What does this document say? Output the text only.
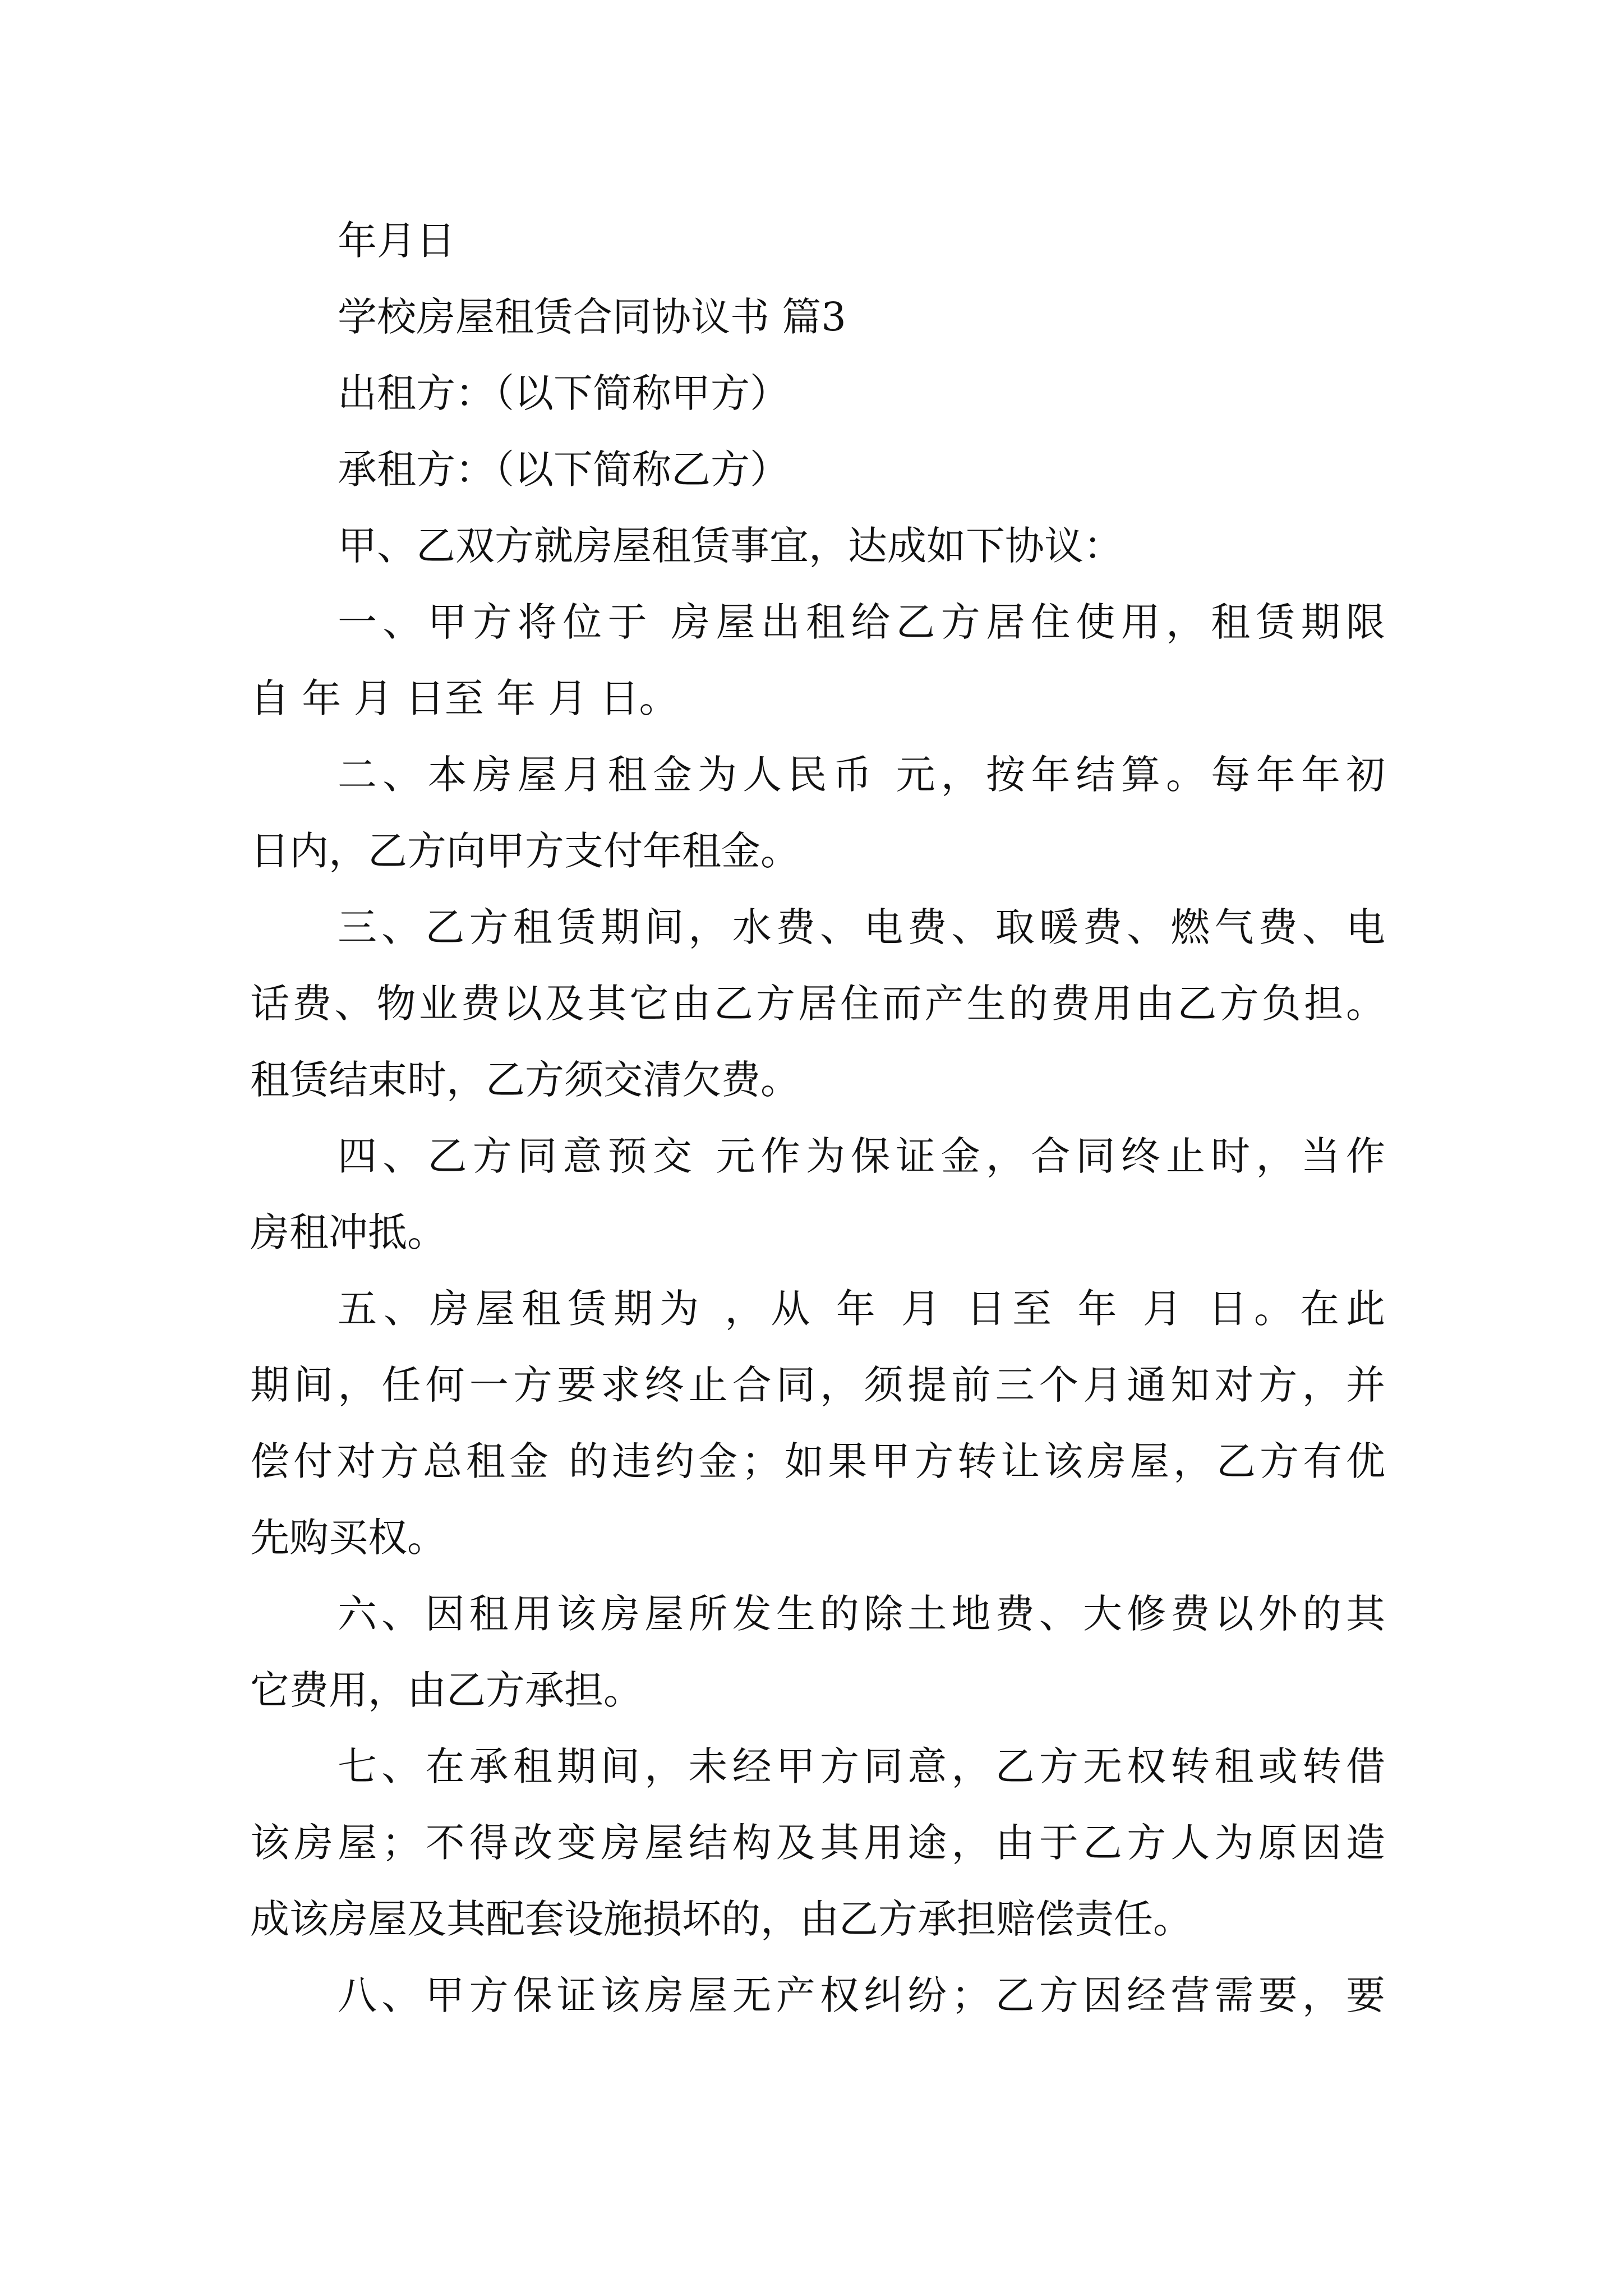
年月日
学校房屋租赁合同协议书 篇3
出租方：（以下简称甲方）
承租方：（以下简称乙方）
甲、乙双方就房屋租赁事宜，达成如下协议：
一、甲方将位于 房屋出租给乙方居住使用，租赁期限
自 年 月 日至 年 月 日。
二、本房屋月租金为人民币 元，按年结算。每年年初
日内，乙方向甲方支付年租金。
三、乙方租赁期间，水费、电费、取暖费、燃气费、电
话费、物业费以及其它由乙方居住而产生的费用由乙方负担。
租赁结束时，乙方须交清欠费。
四、乙方同意预交 元作为保证金，合同终止时，当作
房租冲抵。
五、房屋租赁期为 ，从 年 月 日至 年 月 日。在此
期间，任何一方要求终止合同，须提前三个月通知对方，并
偿付对方总租金 的违约金；如果甲方转让该房屋，乙方有优
先购买权。
六、因租用该房屋所发生的除土地费、大修费以外的其
它费用，由乙方承担。
七、在承租期间，未经甲方同意，乙方无权转租或转借
该房屋；不得改变房屋结构及其用途，由于乙方人为原因造
成该房屋及其配套设施损坏的，由乙方承担赔偿责任。
八、甲方保证该房屋无产权纠纷；乙方因经营需要，要
